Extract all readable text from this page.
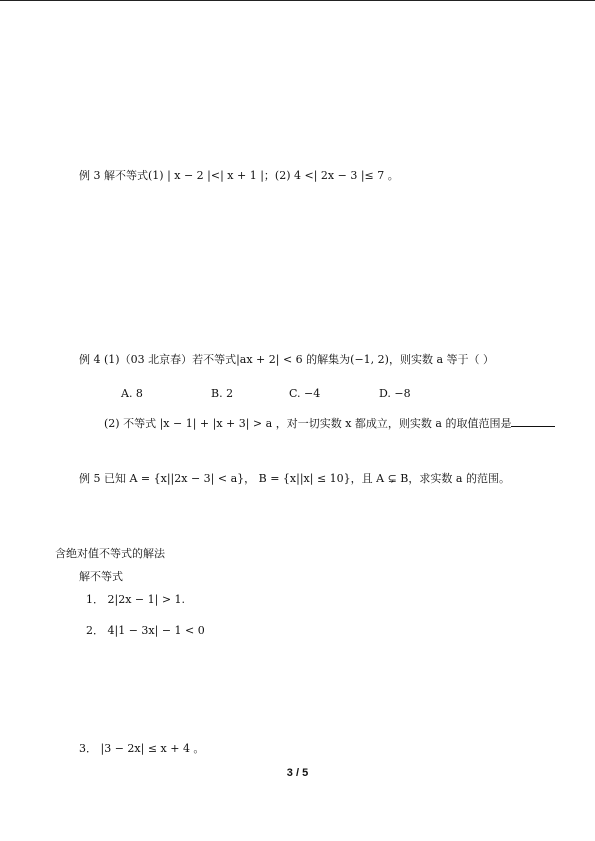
例 3 解不等式(1) | x − 2 |<| x + 1 |；(2) 4 <| 2x − 3 |≤ 7 。
例 4 (1)（03 北京春）若不等式|ax + 2| < 6 的解集为(−1, 2)，则实数 a 等于（ ）
A. 8	B. 2	C. −4	D. −8
(2) 不等式 |x − 1| + |x + 3| > a ，对一切实数 x 都成立，则实数 a 的取值范围是
例 5 已知 A = {x||2x − 3| < a}， B = {x||x| ≤ 10}，且 A ⊊ B，求实数 a 的范围。
含绝对值不等式的解法
解不等式
1． 2|2x − 1| > 1.
2． 4|1 − 3x| − 1 < 0
3． |3 − 2x| ≤ x + 4 。
3 / 5
